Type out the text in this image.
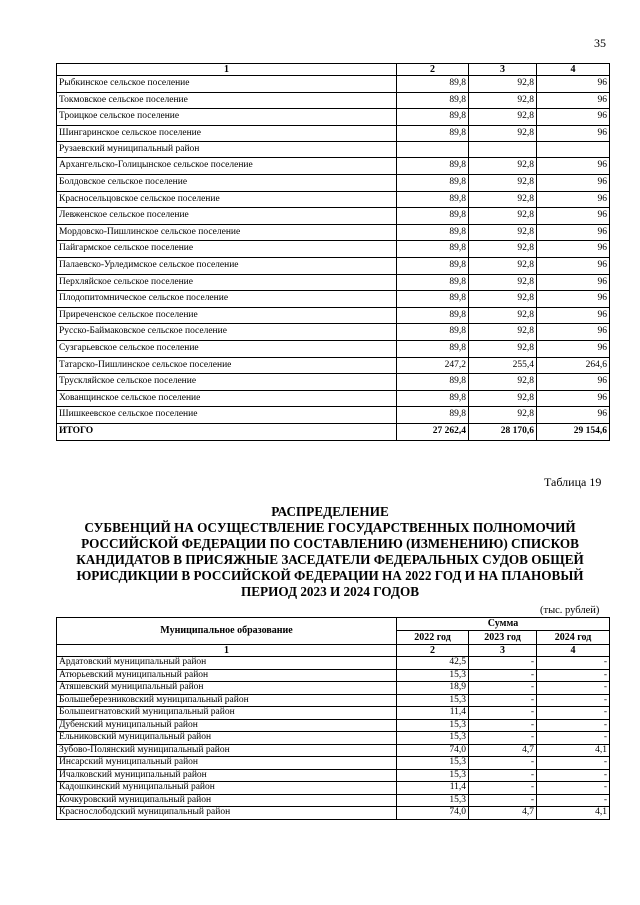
35
1	2	3	4
Рыбкинское сельское поселение	89,8	92,8	96
Токмовское сельское поселение	89,8	92,8	96
Троицкое сельское поселение	89,8	92,8	96
Шингаринское сельское поселение	89,8	92,8	96
Рузаевский муниципальный район			
Архангельско-Голицынское сельское поселение	89,8	92,8	96
Болдовское сельское поселение	89,8	92,8	96
Красносельцовское сельское поселение	89,8	92,8	96
Левженское сельское поселение	89,8	92,8	96
Мордовско-Пишлинское сельское поселение	89,8	92,8	96
Пайгармское сельское поселение	89,8	92,8	96
Палаевско-Урледимское сельское поселение	89,8	92,8	96
Перхляйское сельское поселение	89,8	92,8	96
Плодопитомническое сельское поселение	89,8	92,8	96
Приреченское сельское поселение	89,8	92,8	96
Русско-Баймаковское сельское поселение	89,8	92,8	96
Сузгарьевское сельское поселение	89,8	92,8	96
Татарско-Пишлинское сельское поселение	247,2	255,4	264,6
Трускляйское сельское поселение	89,8	92,8	96
Хованщинское сельское поселение	89,8	92,8	96
Шишкеевское сельское поселение	89,8	92,8	96
ИТОГО	27 262,4	28 170,6	29 154,6
Таблица 19
РАСПРЕДЕЛЕНИЕ
СУБВЕНЦИЙ НА ОСУЩЕСТВЛЕНИЕ ГОСУДАРСТВЕННЫХ ПОЛНОМОЧИЙ
РОССИЙСКОЙ ФЕДЕРАЦИИ ПО СОСТАВЛЕНИЮ (ИЗМЕНЕНИЮ) СПИСКОВ
КАНДИДАТОВ В ПРИСЯЖНЫЕ ЗАСЕДАТЕЛИ ФЕДЕРАЛЬНЫХ СУДОВ ОБЩЕЙ
ЮРИСДИКЦИИ В РОССИЙСКОЙ ФЕДЕРАЦИИ НА 2022 ГОД И НА ПЛАНОВЫЙ
ПЕРИОД 2023 И 2024 ГОДОВ
(тыс. рублей)
Муниципальное образование	Сумма		
	2022 год	2023 год	2024 год
1	2	3	4
Ардатовский муниципальный район	42,5	-	-
Атюрьевский муниципальный район	15,3	-	-
Атяшевский муниципальный район	18,9	-	-
Большеберезниковский муниципальный район	15,3	-	-
Большеигнатовский муниципальный район	11,4	-	-
Дубенский муниципальный район	15,3	-	-
Ельниковский муниципальный район	15,3	-	-
Зубово-Полянский муниципальный район	74,0	4,7	4,1
Инсарский муниципальный район	15,3	-	-
Ичалковский муниципальный район	15,3	-	-
Кадошкинский муниципальный район	11,4	-	-
Кочкуровский муниципальный район	15,3	-	-
Краснослободский муниципальный район	74,0	4,7	4,1
